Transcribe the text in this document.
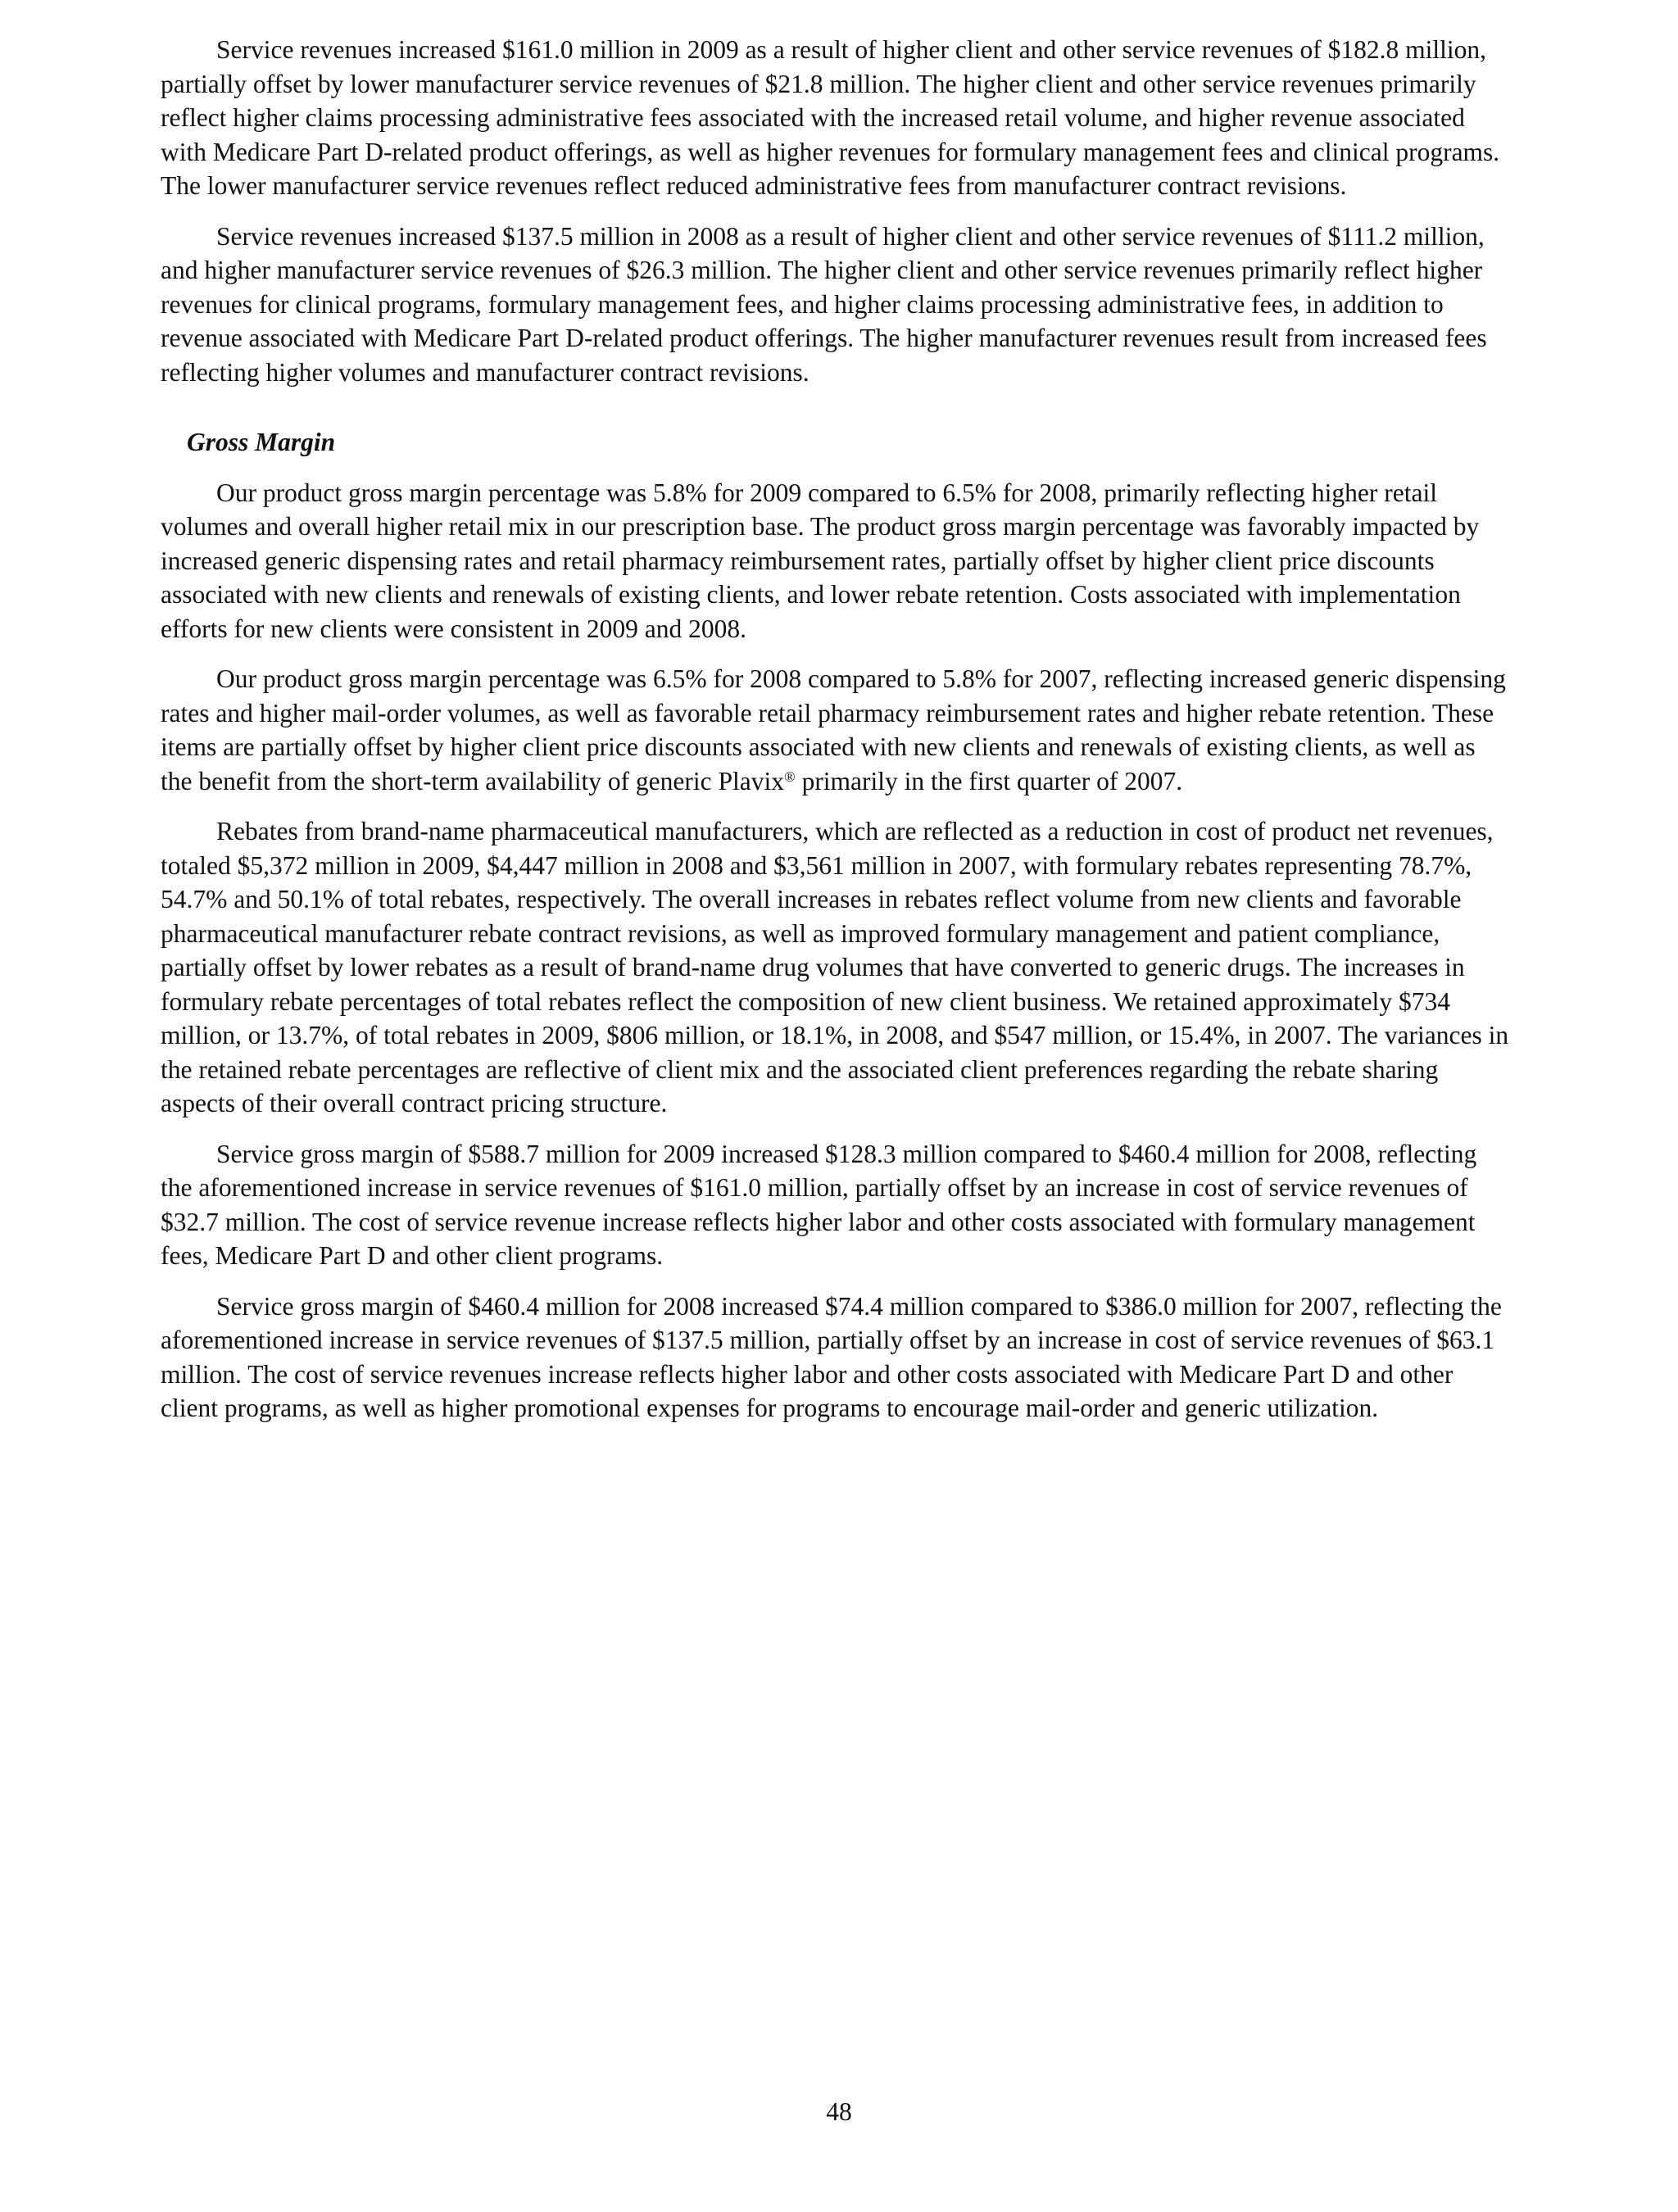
Service revenues increased $161.0 million in 2009 as a result of higher client and other service revenues of $182.8 million, partially offset by lower manufacturer service revenues of $21.8 million. The higher client and other service revenues primarily reflect higher claims processing administrative fees associated with the increased retail volume, and higher revenue associated with Medicare Part D-related product offerings, as well as higher revenues for formulary management fees and clinical programs. The lower manufacturer service revenues reflect reduced administrative fees from manufacturer contract revisions.

Service revenues increased $137.5 million in 2008 as a result of higher client and other service revenues of $111.2 million, and higher manufacturer service revenues of $26.3 million. The higher client and other service revenues primarily reflect higher revenues for clinical programs, formulary management fees, and higher claims processing administrative fees, in addition to revenue associated with Medicare Part D-related product offerings. The higher manufacturer revenues result from increased fees reflecting higher volumes and manufacturer contract revisions.

Gross Margin

Our product gross margin percentage was 5.8% for 2009 compared to 6.5% for 2008, primarily reflecting higher retail volumes and overall higher retail mix in our prescription base. The product gross margin percentage was favorably impacted by increased generic dispensing rates and retail pharmacy reimbursement rates, partially offset by higher client price discounts associated with new clients and renewals of existing clients, and lower rebate retention. Costs associated with implementation efforts for new clients were consistent in 2009 and 2008.

Our product gross margin percentage was 6.5% for 2008 compared to 5.8% for 2007, reflecting increased generic dispensing rates and higher mail-order volumes, as well as favorable retail pharmacy reimbursement rates and higher rebate retention. These items are partially offset by higher client price discounts associated with new clients and renewals of existing clients, as well as the benefit from the short-term availability of generic Plavix® primarily in the first quarter of 2007.

Rebates from brand-name pharmaceutical manufacturers, which are reflected as a reduction in cost of product net revenues, totaled $5,372 million in 2009, $4,447 million in 2008 and $3,561 million in 2007, with formulary rebates representing 78.7%, 54.7% and 50.1% of total rebates, respectively. The overall increases in rebates reflect volume from new clients and favorable pharmaceutical manufacturer rebate contract revisions, as well as improved formulary management and patient compliance, partially offset by lower rebates as a result of brand-name drug volumes that have converted to generic drugs. The increases in formulary rebate percentages of total rebates reflect the composition of new client business. We retained approximately $734 million, or 13.7%, of total rebates in 2009, $806 million, or 18.1%, in 2008, and $547 million, or 15.4%, in 2007. The variances in the retained rebate percentages are reflective of client mix and the associated client preferences regarding the rebate sharing aspects of their overall contract pricing structure.

Service gross margin of $588.7 million for 2009 increased $128.3 million compared to $460.4 million for 2008, reflecting the aforementioned increase in service revenues of $161.0 million, partially offset by an increase in cost of service revenues of $32.7 million. The cost of service revenue increase reflects higher labor and other costs associated with formulary management fees, Medicare Part D and other client programs.

Service gross margin of $460.4 million for 2008 increased $74.4 million compared to $386.0 million for 2007, reflecting the aforementioned increase in service revenues of $137.5 million, partially offset by an increase in cost of service revenues of $63.1 million. The cost of service revenues increase reflects higher labor and other costs associated with Medicare Part D and other client programs, as well as higher promotional expenses for programs to encourage mail-order and generic utilization.

48
